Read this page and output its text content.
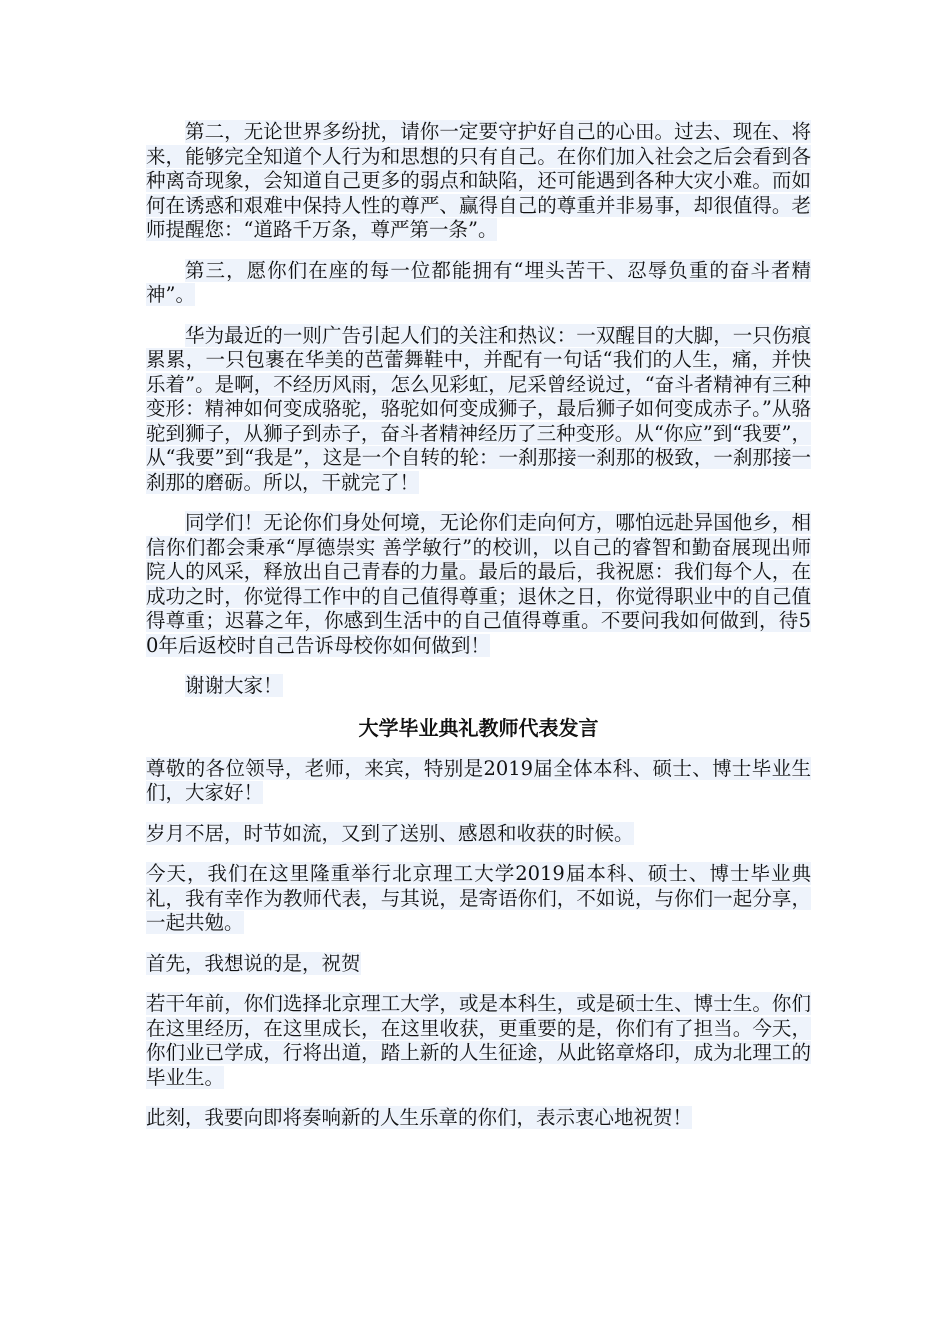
第二，无论世界多纷扰，请你一定要守护好自己的心田。过去、现在、将来，能够完全知道个人行为和思想的只有自己。在你们加入社会之后会看到各种离奇现象，会知道自己更多的弱点和缺陷，还可能遇到各种大灾小难。而如何在诱惑和艰难中保持人性的尊严、赢得自己的尊重并非易事，却很值得。老师提醒您：“道路千万条，尊严第一条”。

第三，愿你们在座的每一位都能拥有“埋头苦干、忍辱负重的奋斗者精神”。

华为最近的一则广告引起人们的关注和热议：一双醒目的大脚，一只伤痕累累，一只包裹在华美的芭蕾舞鞋中，并配有一句话“我们的人生，痛，并快乐着”。是啊，不经历风雨，怎么见彩虹，尼采曾经说过，“奋斗者精神有三种变形：精神如何变成骆驼，骆驼如何变成狮子，最后狮子如何变成赤子。”从骆驼到狮子，从狮子到赤子，奋斗者精神经历了三种变形。从“你应”到“我要”，从“我要”到“我是”，这是一个自转的轮：一刹那接一刹那的极致，一刹那接一刹那的磨砺。所以，干就完了！

同学们！无论你们身处何境，无论你们走向何方，哪怕远赴异国他乡，相信你们都会秉承“厚德崇实 善学敏行”的校训，以自己的睿智和勤奋展现出师院人的风采，释放出自己青春的力量。最后的最后，我祝愿：我们每个人，在成功之时，你觉得工作中的自己值得尊重；退休之日，你觉得职业中的自己值得尊重；迟暮之年，你感到生活中的自己值得尊重。不要问我如何做到，待50年后返校时自己告诉母校你如何做到！

谢谢大家！

大学毕业典礼教师代表发言

尊敬的各位领导，老师，来宾，特别是2019届全体本科、硕士、博士毕业生们，大家好！

岁月不居，时节如流，又到了送别、感恩和收获的时候。

今天，我们在这里隆重举行北京理工大学2019届本科、硕士、博士毕业典礼，我有幸作为教师代表，与其说，是寄语你们，不如说，与你们一起分享，一起共勉。

首先，我想说的是，祝贺

若干年前，你们选择北京理工大学，或是本科生，或是硕士生、博士生。你们在这里经历，在这里成长，在这里收获，更重要的是，你们有了担当。今天，你们业已学成，行将出道，踏上新的人生征途，从此铭章烙印，成为北理工的毕业生。

此刻，我要向即将奏响新的人生乐章的你们，表示衷心地祝贺！
